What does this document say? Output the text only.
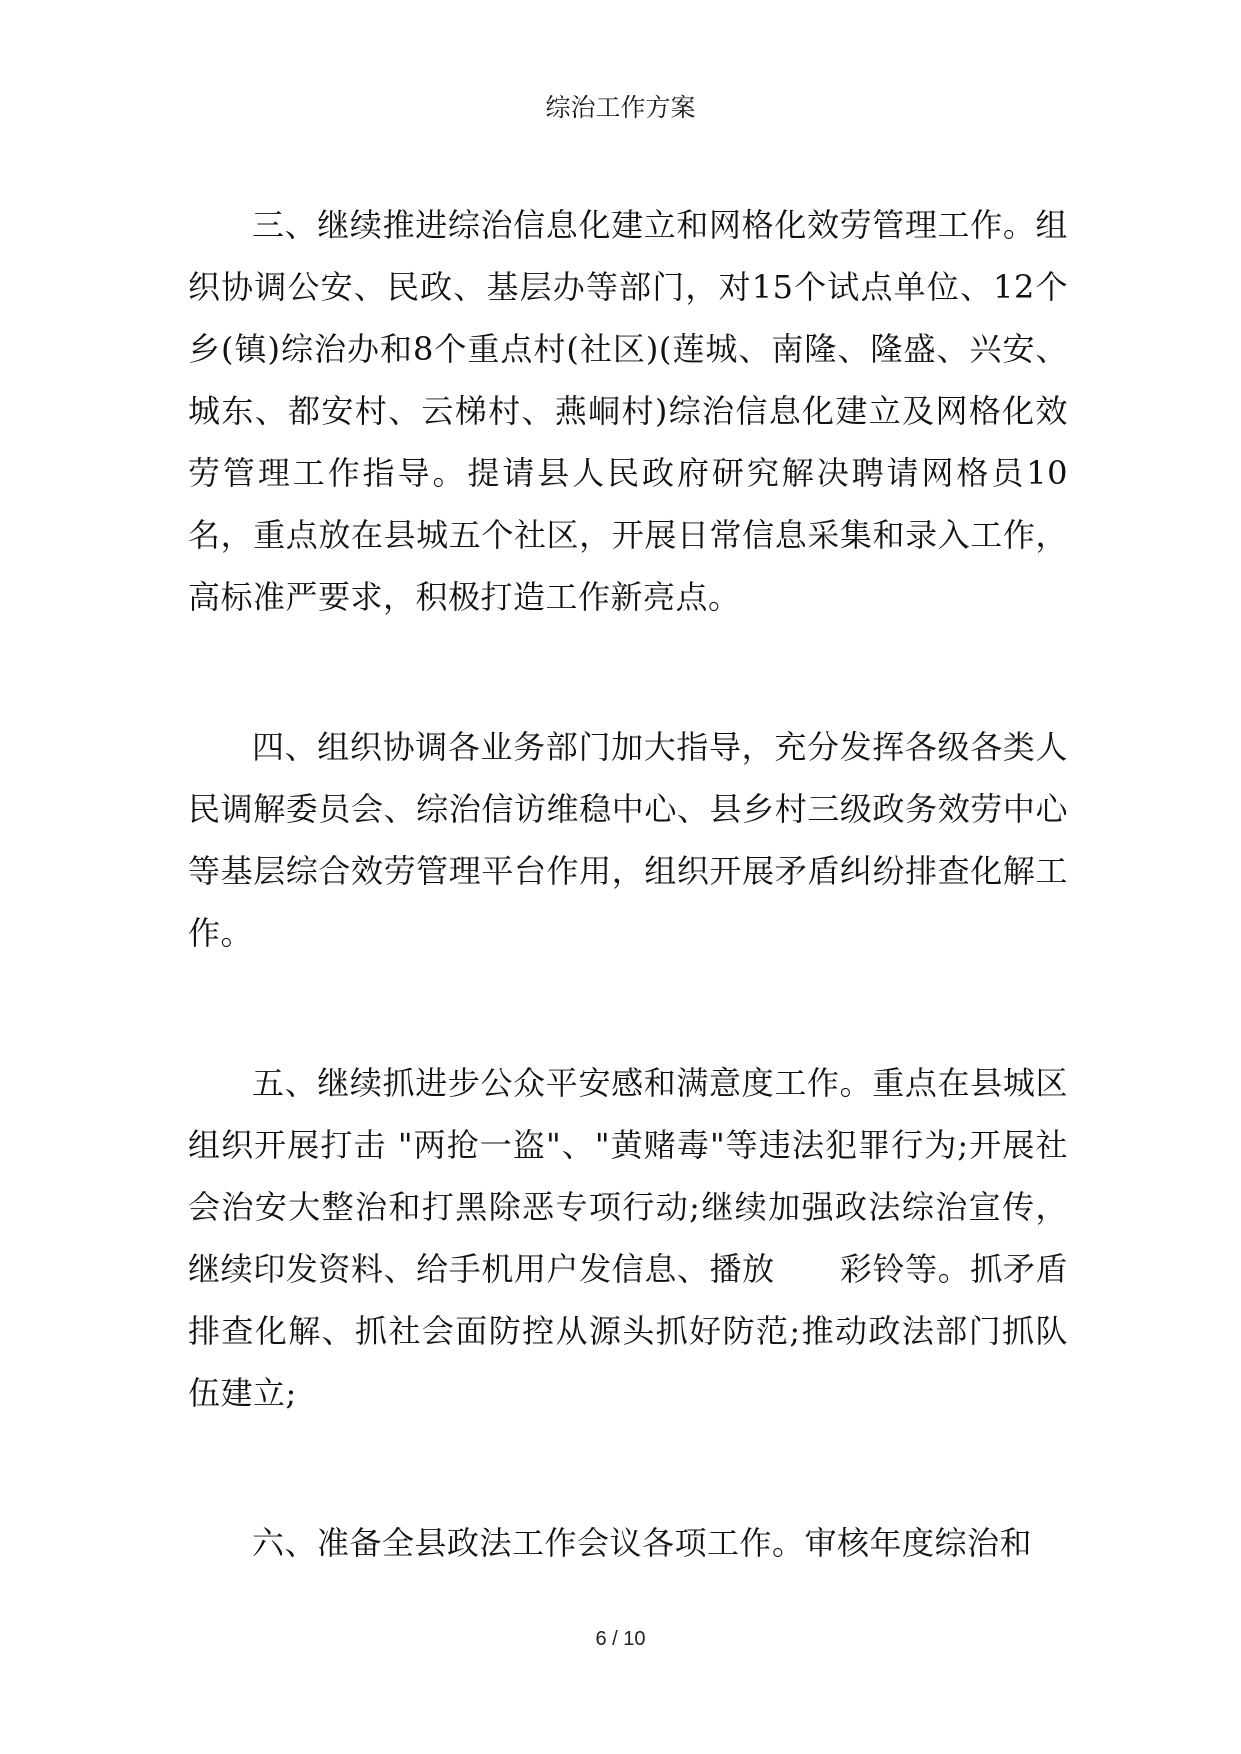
综治工作方案

三、继续推进综治信息化建立和网格化效劳管理工作。组织协调公安、民政、基层办等部门，对15个试点单位、12个乡(镇)综治办和8个重点村(社区)(莲城、南隆、隆盛、兴安、城东、都安村、云梯村、燕峒村)综治信息化建立及网格化效劳管理工作指导。提请县人民政府研究解决聘请网格员10名，重点放在县城五个社区，开展日常信息采集和录入工作，高标准严要求，积极打造工作新亮点。

四、组织协调各业务部门加大指导，充分发挥各级各类人民调解委员会、综治信访维稳中心、县乡村三级政务效劳中心等基层综合效劳管理平台作用，组织开展矛盾纠纷排查化解工作。

五、继续抓进步公众平安感和满意度工作。重点在县城区组织开展打击 "两抢一盗"、"黄赌毒"等违法犯罪行为;开展社会治安大整治和打黑除恶专项行动;继续加强政法综治宣传，继续印发资料、给手机用户发信息、播放　　彩铃等。抓矛盾排查化解、抓社会面防控从源头抓好防范;推动政法部门抓队伍建立;

六、准备全县政法工作会议各项工作。审核年度综治和

6 / 10
